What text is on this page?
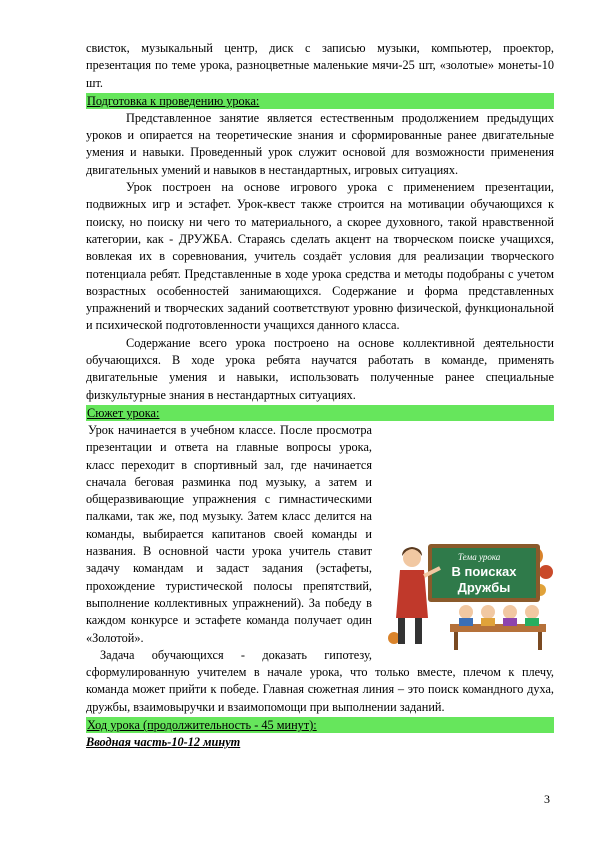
свисток, музыкальный центр, диск с записью музыки, компьютер, проектор, презентация по теме урока, разноцветные маленькие мячи-25 шт, «золотые» монеты-10 шт.

Подготовка к проведению урока:

Представленное занятие является естественным продолжением предыдущих уроков и опирается на теоретические знания и сформированные ранее двигательные умения и навыки. Проведенный урок служит основой для возможности применения двигательных умений и навыков в нестандартных, игровых ситуациях.

Урок построен на основе игрового урока с применением презентации, подвижных игр и эстафет. Урок-квест также строится на мотивации обучающихся к поиску, но поиску ни чего то материального, а скорее духовного, такой нравственной категории, как - ДРУЖБА. Стараясь сделать акцент на творческом поиске учащихся, вовлекая их в соревнования, учитель создаёт условия для реализации творческого потенциала ребят. Представленные в ходе урока средства и методы подобраны с учетом возрастных особенностей занимающихся. Содержание и форма представленных упражнений и творческих заданий соответствуют уровню физической, функциональной и психической подготовленности учащихся данного класса.

Содержание всего урока построено на основе коллективной деятельности обучающихся. В ходе урока ребята научатся работать в команде, применять двигательные умения и навыки, использовать полученные ранее специальные физкультурные знания в нестандартных ситуациях.

Сюжет урока:
Тема урока
В поисках
Дружбы

Урок начинается в учебном классе. После просмотра презентации и ответа на главные вопросы урока, класс переходит в спортивный зал, где начинается сначала беговая разминка под музыку, а затем и общеразвивающие упражнения с гимнастическими палками, так же, под музыку. Затем класс делится на команды, выбирается капитанов своей команды и названия. В основной части урока учитель ставит задачу командам и задаст задания (эстафеты, прохождение туристической полосы препятствий, выполнение коллективных упражнений). За победу в каждом конкурсе и эстафете команда получает один «Золотой».

Задача обучающихся - доказать гипотезу, сформулированную учителем в начале урока, что только вместе, плечом к плечу, команда может прийти к победе. Главная сюжетная линия – это поиск командного духа, дружбы, взаимовыручки и взаимопомощи при выполнении заданий.

Ход урока (продолжительность - 45 минут):
Вводная часть-10-12 минут
3
